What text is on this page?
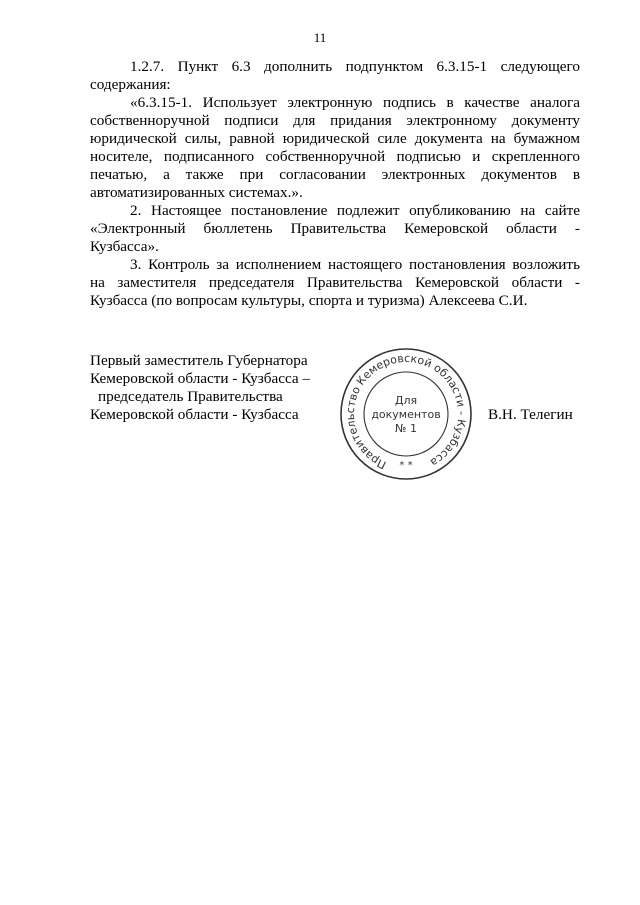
11

1.2.7. Пункт 6.3 дополнить подпунктом 6.3.15-1 следующего содержания:

«6.3.15-1. Использует электронную подпись в качестве аналога собственноручной подписи для придания электронному документу юридической силы, равной юридической силе документа на бумажном носителе, подписанного собственноручной подписью и скрепленного печатью, а также при согласовании электронных документов в автоматизированных системах.».

2. Настоящее постановление подлежит опубликованию на сайте «Электронный бюллетень Правительства Кемеровской области - Кузбасса».

3. Контроль за исполнением настоящего постановления возложить на заместителя председателя Правительства Кемеровской области - Кузбасса (по вопросам культуры, спорта и туризма) Алексеева С.И.

Первый заместитель Губернатора
Кемеровской области - Кузбасса –
председатель Правительства
Кемеровской области - Кузбасса
Правительство Кемеровской области - Кузбасса
* *
Для
документов
№ 1
В.Н. Телегин
